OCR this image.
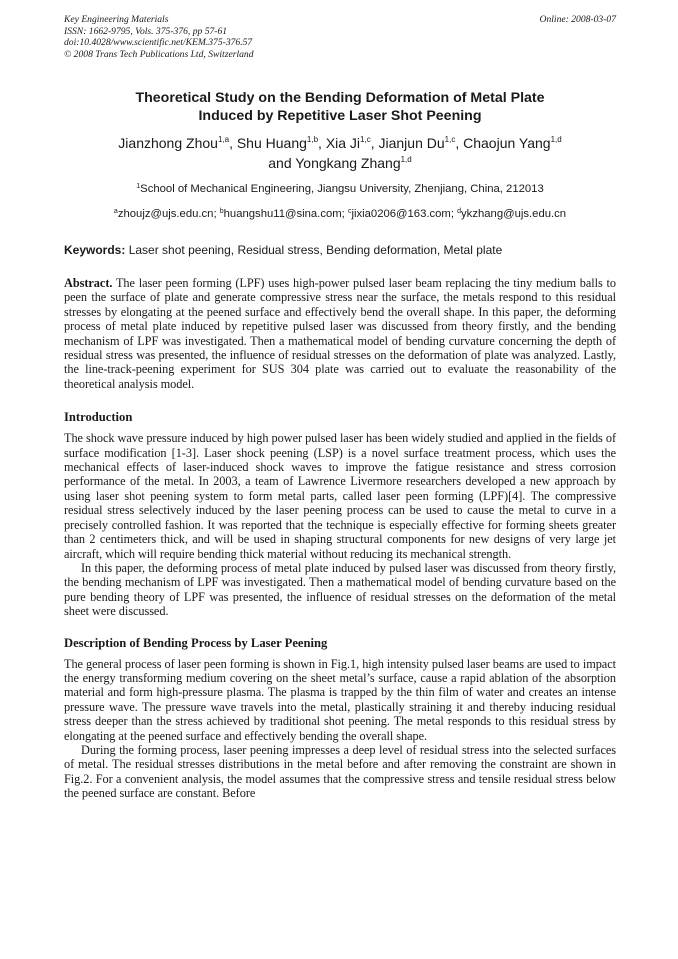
Key Engineering Materials
ISSN: 1662-9795, Vols. 375-376, pp 57-61
doi:10.4028/www.scientific.net/KEM.375-376.57
© 2008 Trans Tech Publications Ltd, Switzerland
Online: 2008-03-07
Theoretical Study on the Bending Deformation of Metal Plate
Induced by Repetitive Laser Shot Peening
Jianzhong Zhou$^{1,a}$, Shu Huang$^{1,b}$, Xia Ji$^{1,c}$, Jianjun Du$^{1,c}$, Chaojun Yang$^{1,d}$
and Yongkang Zhang$^{1,d}$
$^1$School of Mechanical Engineering, Jiangsu University, Zhenjiang, China, 212013
$^a$zhoujz@ujs.edu.cn; $^b$huangshu11@sina.com; $^c$jixia0206@163.com; $^d$ykzhang@ujs.edu.cn
Keywords: Laser shot peening, Residual stress, Bending deformation, Metal plate

Abstract. The laser peen forming (LPF) uses high-power pulsed laser beam replacing the tiny medium balls to peen the surface of plate and generate compressive stress near the surface, the metals respond to this residual stresses by elongating at the peened surface and effectively bend the overall shape. In this paper, the deforming process of metal plate induced by repetitive pulsed laser was discussed from theory firstly, and the bending mechanism of LPF was investigated. Then a mathematical model of bending curvature concerning the depth of residual stress was presented, the influence of residual stresses on the deformation of plate was analyzed. Lastly, the line-track-peening experiment for SUS 304 plate was carried out to evaluate the reasonability of the theoretical analysis model.

Introduction

The shock wave pressure induced by high power pulsed laser has been widely studied and applied in the fields of surface modification [1-3]. Laser shock peening (LSP) is a novel surface treatment process, which uses the mechanical effects of laser-induced shock waves to improve the fatigue resistance and stress corrosion performance of the metal. In 2003, a team of Lawrence Livermore researchers developed a new approach by using laser shot peening system to form metal parts, called laser peen forming (LPF)[4]. The compressive residual stress selectively induced by the laser peening process can be used to cause the metal to curve in a precisely controlled fashion. It was reported that the technique is especially effective for forming sheets greater than 2 centimeters thick, and will be used in shaping structural components for new designs of very large jet aircraft, which will require bending thick material without reducing its mechanical strength.

In this paper, the deforming process of metal plate induced by pulsed laser was discussed from theory firstly, the bending mechanism of LPF was investigated. Then a mathematical model of bending curvature based on the pure bending theory of LPF was presented, the influence of residual stresses on the deformation of the metal sheet were discussed.

Description of Bending Process by Laser Peening

The general process of laser peen forming is shown in Fig.1, high intensity pulsed laser beams are used to impact the energy transforming medium covering on the sheet metal’s surface, cause a rapid ablation of the absorption material and form high-pressure plasma. The plasma is trapped by the thin film of water and creates an intense pressure wave. The pressure wave travels into the metal, plastically straining it and thereby inducing residual stress deeper than the stress achieved by traditional shot peening. The metal responds to this residual stress by elongating at the peened surface and effectively bending the overall shape.

During the forming process, laser peening impresses a deep level of residual stress into the selected surfaces of metal. The residual stresses distributions in the metal before and after removing the constraint are shown in Fig.2. For a convenient analysis, the model assumes that the compressive stress and tensile residual stress below the peened surface are constant. Before
